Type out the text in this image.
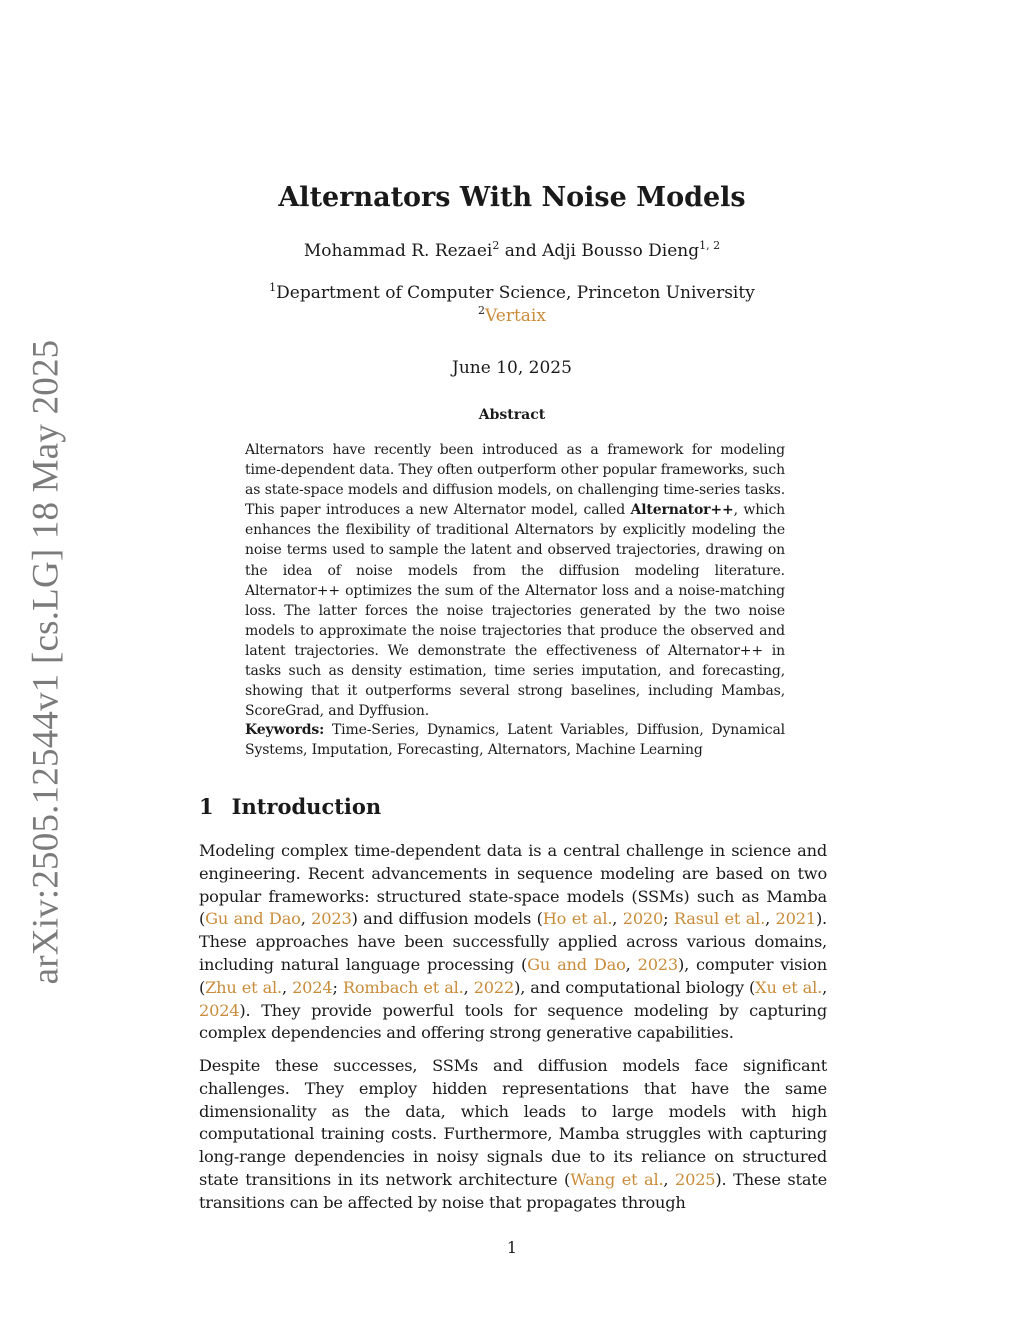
arXiv:2505.12544v1 [cs.LG] 18 May 2025
Alternators With Noise Models
Mohammad R. Rezaei$^2$ and Adji Bousso Dieng$^{1, 2}$
$^1$Department of Computer Science, Princeton University
$^2$Vertaix
June 10, 2025
Abstract
Alternators have recently been introduced as a framework for modeling time-dependent data. They often outperform other popular frameworks, such as state-space models and diffusion models, on challenging time-series tasks. This paper introduces a new Alternator model, called Alternator++, which enhances the flexibility of traditional Alternators by explicitly modeling the noise terms used to sample the latent and observed trajectories, drawing on the idea of noise models from the diffusion modeling literature. Alternator++ optimizes the sum of the Alternator loss and a noise-matching loss. The latter forces the noise trajectories generated by the two noise models to approximate the noise trajectories that produce the observed and latent trajectories. We demonstrate the effectiveness of Alternator++ in tasks such as density estimation, time series imputation, and forecasting, showing that it outperforms several strong baselines, including Mambas, ScoreGrad, and Dyffusion.
Keywords: Time-Series, Dynamics, Latent Variables, Diffusion, Dynamical Systems, Imputation, Forecasting, Alternators, Machine Learning
1 Introduction
Modeling complex time-dependent data is a central challenge in science and engineering. Recent advancements in sequence modeling are based on two popular frameworks: structured state-space models (SSMs) such as Mamba (Gu and Dao, 2023) and diffusion models (Ho et al., 2020; Rasul et al., 2021). These approaches have been successfully applied across various domains, including natural language processing (Gu and Dao, 2023), computer vision (Zhu et al., 2024; Rombach et al., 2022), and computational biology (Xu et al., 2024). They provide powerful tools for sequence modeling by capturing complex dependencies and offering strong generative capabilities.
Despite these successes, SSMs and diffusion models face significant challenges. They employ hidden representations that have the same dimensionality as the data, which leads to large models with high computational training costs. Furthermore, Mamba struggles with capturing long-range dependencies in noisy signals due to its reliance on structured state transitions in its network architecture (Wang et al., 2025). These state transitions can be affected by noise that propagates through
1
